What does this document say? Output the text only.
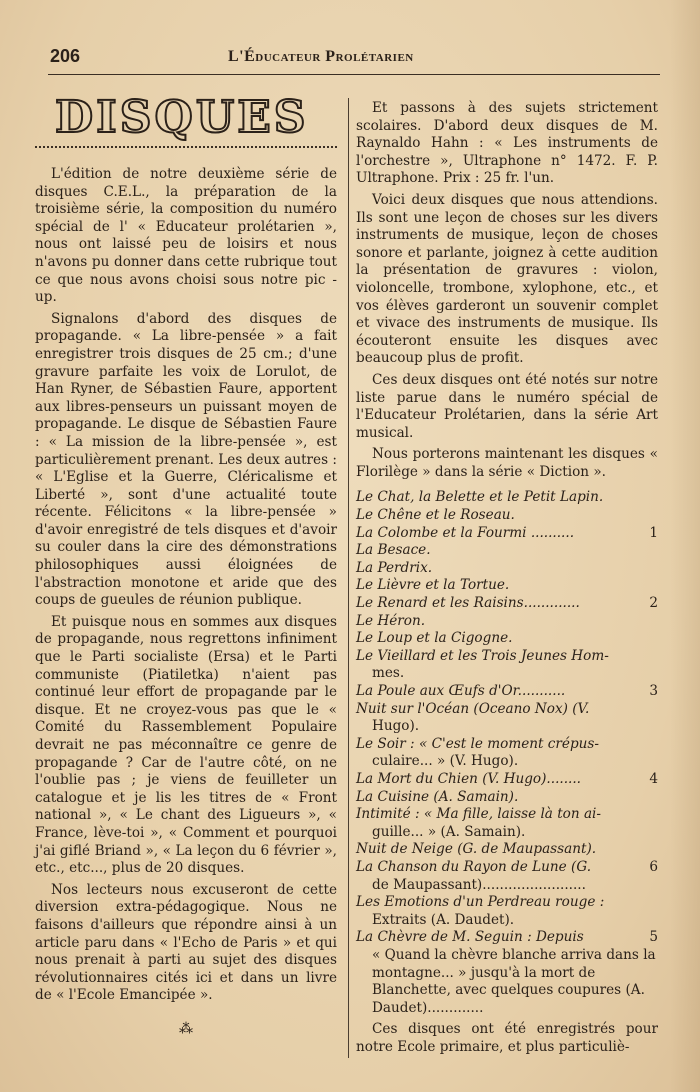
206	L'Éducateur Prolétarien
DISQUES

L'édition de notre deuxième série de disques C.E.L., la préparation de la troisième série, la composition du numéro spécial de l' « Educateur prolétarien », nous ont laissé peu de loisirs et nous n'avons pu donner dans cette rubrique tout ce que nous avons choisi sous notre pic -up.

Signalons d'abord des disques de propagande. « La libre-pensée » a fait enregistrer trois disques de 25 cm.; d'une gravure parfaite les voix de Lorulot, de Han Ryner, de Sébastien Faure, apportent aux libres-penseurs un puissant moyen de propagande. Le disque de Sébastien Faure : « La mission de la libre-pensée », est particulièrement prenant. Les deux autres : « L'Eglise et la Guerre, Cléricalisme et Liberté », sont d'une actualité toute récente. Félicitons « la libre-pensée » d'avoir enregistré de tels disques et d'avoir su couler dans la cire des démonstrations philosophiques aussi éloignées de l'abstraction monotone et aride que des coups de gueules de réunion publique.

Et puisque nous en sommes aux disques de propagande, nous regrettons infiniment que le Parti socialiste (Ersa) et le Parti communiste (Piatiletka) n'aient pas continué leur effort de propagande par le disque. Et ne croyez-vous pas que le « Comité du Rassemblement Populaire devrait ne pas méconnaître ce genre de propagande ? Car de l'autre côté, on ne l'oublie pas ; je viens de feuilleter un catalogue et je lis les titres de « Front national », « Le chant des Ligueurs », « France, lève-toi », « Comment et pourquoi j'ai giflé Briand », « La leçon du 6 février », etc., etc..., plus de 20 disques.

Nos lecteurs nous excuseront de cette diversion extra-pédagogique. Nous ne faisons d'ailleurs que répondre ainsi à un article paru dans « l'Echo de Paris » et qui nous prenait à parti au sujet des disques révolutionnaires cités ici et dans un livre de « l'Ecole Emancipée ».

⁂

Et passons à des sujets strictement scolaires. D'abord deux disques de M. Raynaldo Hahn : « Les instruments de l'orchestre », Ultraphone n° 1472. F. P. Ultraphone. Prix : 25 fr. l'un.

Voici deux disques que nous attendions. Ils sont une leçon de choses sur les divers instruments de musique, leçon de choses sonore et parlante, joignez à cette audition la présentation de gravures : violon, violoncelle, trombone, xylophone, etc., et vos élèves garderont un souvenir complet et vivace des instruments de musique. Ils écouteront ensuite les disques avec beaucoup plus de profit.

Ces deux disques ont été notés sur notre liste parue dans le numéro spécial de l'Educateur Prolétarien, dans la série Art musical.

Nous porterons maintenant les disques « Florilège » dans la série « Diction ».

Le Chat, la Belette et le Petit Lapin.
Le Chêne et le Roseau.
La Colombe et la Fourmi ..........	1
La Besace.
La Perdrix.
Le Lièvre et la Tortue.
Le Renard et les Raisins.............	2
Le Héron.
Le Loup et la Cigogne.
Le Vieillard et les Trois Jeunes Hom-
mes.
La Poule aux Œufs d'Or...........	3
Nuit sur l'Océan (Oceano Nox) (V.
Hugo).
Le Soir : « C'est le moment crépus-
culaire... » (V. Hugo).
La Mort du Chien (V. Hugo)........	4
La Cuisine (A. Samain).
Intimité : « Ma fille, laisse là ton ai-
guille... » (A. Samain).
Nuit de Neige (G. de Maupassant).
La Chanson du Rayon de Lune (G.	6
de Maupassant)........................
Les Emotions d'un Perdreau rouge :
Extraits (A. Daudet).
La Chèvre de M. Seguin : Depuis	5
« Quand la chèvre blanche arriva dans la montagne... » jusqu'à la mort de Blanchette, avec quelques coupures (A. Daudet).............

Ces disques ont été enregistrés pour notre Ecole primaire, et plus particuliè-
